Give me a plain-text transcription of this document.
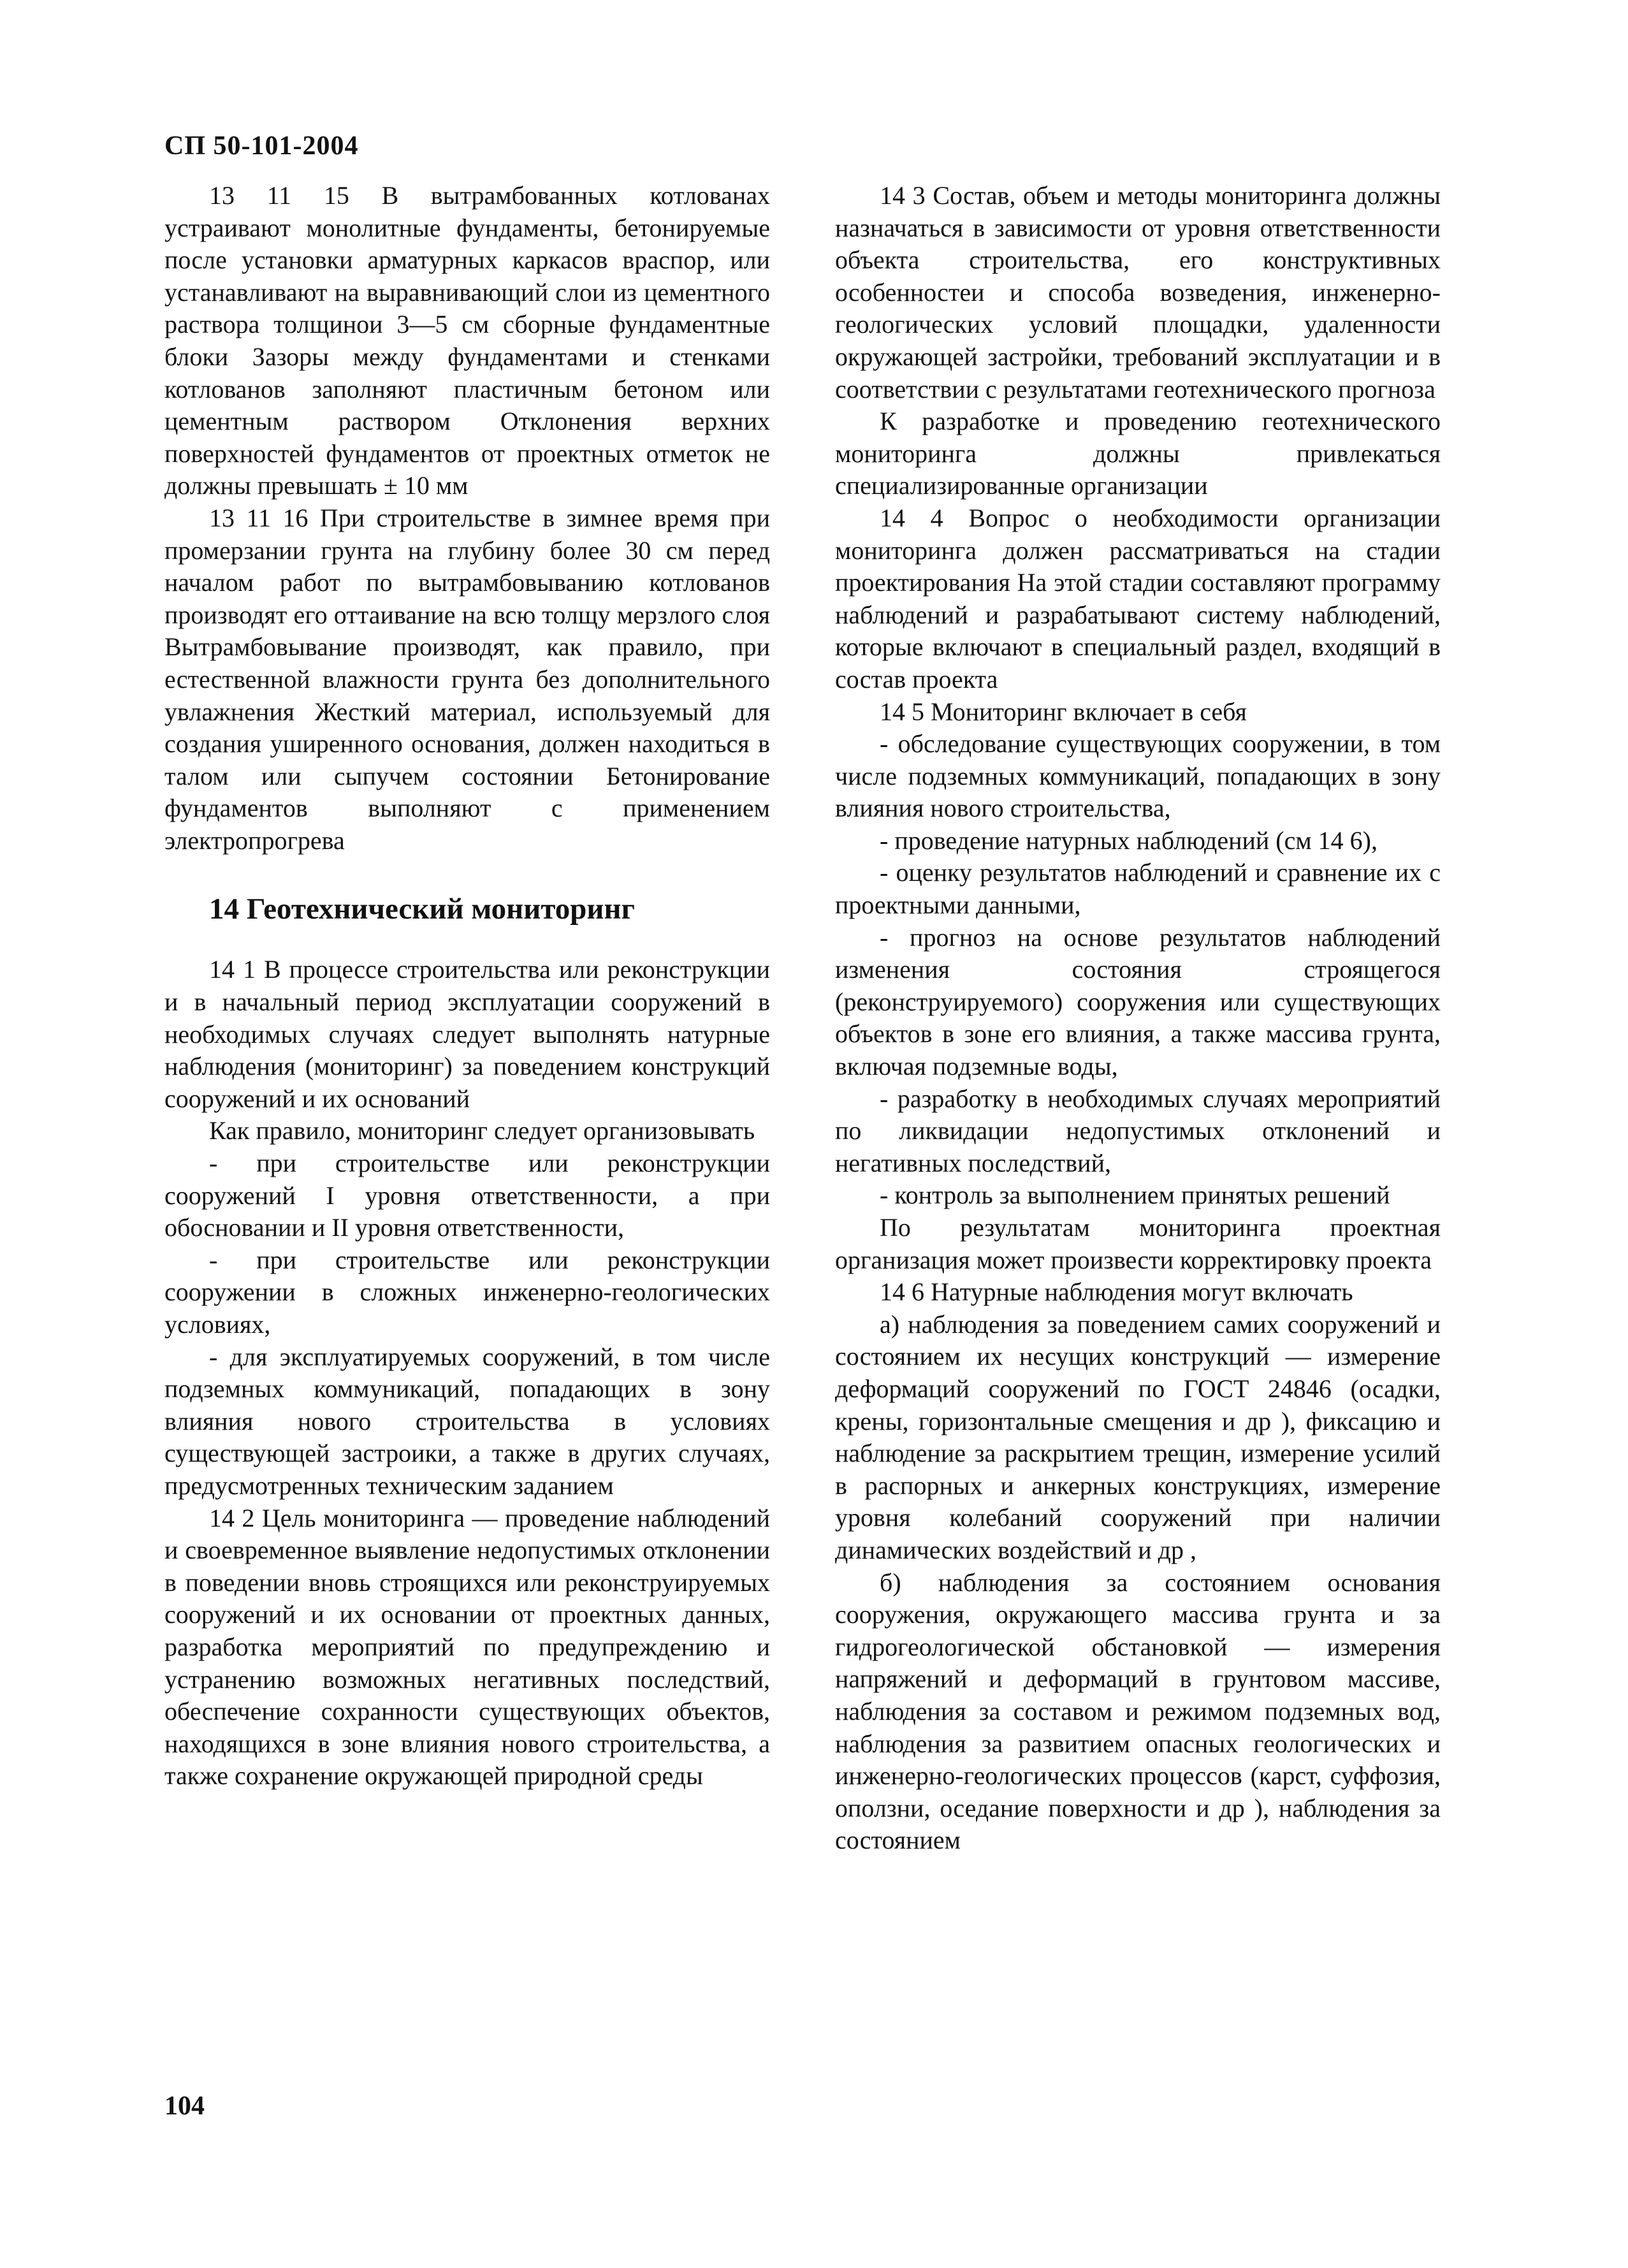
СП 50-101-2004

13 11 15 В вытрамбованных котлованах устраивают монолитные фундаменты, бетонируемые после установки арматурных каркасов враспор, или устанавливают на выравнивающий слои из цементного раствора толщинои 3—5 см сборные фундаментные блоки Зазоры между фундаментами и стенками котлованов заполняют пластичным бетоном или цементным раствором Отклонения верхних поверхностей фундаментов от проектных отметок не должны превышать ± 10 мм

13 11 16 При строительстве в зимнее время при промерзании грунта на глубину более 30 см перед началом работ по вытрамбовыванию котлованов производят его оттаивание на всю толщу мерзлого слоя Вытрамбовывание производят, как правило, при естественной влажности грунта без дополнительного увлажнения Жесткий материал, используемый для создания уширенного основания, должен находиться в талом или сыпучем состоянии Бетонирование фундаментов выполняют с применением электропрогрева

14 Геотехнический мониторинг

14 1 В процессе строительства или реконструкции и в начальный период эксплуатации сооружений в необходимых случаях следует выполнять натурные наблюдения (мониторинг) за поведением конструкций сооружений и их оснований

Как правило, мониторинг следует организовывать

- при строительстве или реконструкции сооружений I уровня ответственности, а при обосновании и II уровня ответственности,

- при строительстве или реконструкции сооружении в сложных инженерно-геологических условиях,

- для эксплуатируемых сооружений, в том числе подземных коммуникаций, попадающих в зону влияния нового строительства в условиях существующей застроики, а также в других случаях, предусмотренных техническим заданием

14 2 Цель мониторинга — проведение наблюдений и своевременное выявление недопустимых отклонении в поведении вновь строящихся или реконструируемых сооружений и их основании от проектных данных, разработка мероприятий по предупреждению и устранению возможных негативных последствий, обеспечение сохранности существующих объектов, находящихся в зоне влияния нового строительства, а также сохранение окружающей природной среды

14 3 Состав, объем и методы мониторинга должны назначаться в зависимости от уровня ответственности объекта строительства, его конструктивных особенностеи и способа возведения, инженерно-геологических условий площадки, удаленности окружающей застройки, требований эксплуатации и в соответствии с результатами геотехнического прогноза

К разработке и проведению геотехнического мониторинга должны привлекаться специализированные организации

14 4 Вопрос о необходимости организации мониторинга должен рассматриваться на стадии проектирования На этой стадии составляют программу наблюдений и разрабатывают систему наблюдений, которые включают в специальный раздел, входящий в состав проекта

14 5 Мониторинг включает в себя

- обследование существующих сооружении, в том числе подземных коммуникаций, попадающих в зону влияния нового строительства,

- проведение натурных наблюдений (см 14 6),

- оценку результатов наблюдений и сравнение их с проектными данными,

- прогноз на основе результатов наблюдений изменения состояния строящегося (реконструируемого) сооружения или существующих объектов в зоне его влияния, а также массива грунта, включая подземные воды,

- разработку в необходимых случаях мероприятий по ликвидации недопустимых отклонений и негативных последствий,

- контроль за выполнением принятых решений

По результатам мониторинга проектная организация может произвести корректировку проекта

14 6 Натурные наблюдения могут включать

а) наблюдения за поведением самих сооружений и состоянием их несущих конструкций — измерение деформаций сооружений по ГОСТ 24846 (осадки, крены, горизонтальные смещения и др ), фиксацию и наблюдение за раскрытием трещин, измерение усилий в распорных и анкерных конструкциях, измерение уровня колебаний сооружений при наличии динамических воздействий и др ,

б) наблюдения за состоянием основания сооружения, окружающего массива грунта и за гидрогеологической обстановкой — измерения напряжений и деформаций в грунтовом массиве, наблюдения за составом и режимом подземных вод, наблюдения за развитием опасных геологических и инженерно-геологических процессов (карст, суффозия, оползни, оседание поверхности и др ), наблюдения за состоянием

104
